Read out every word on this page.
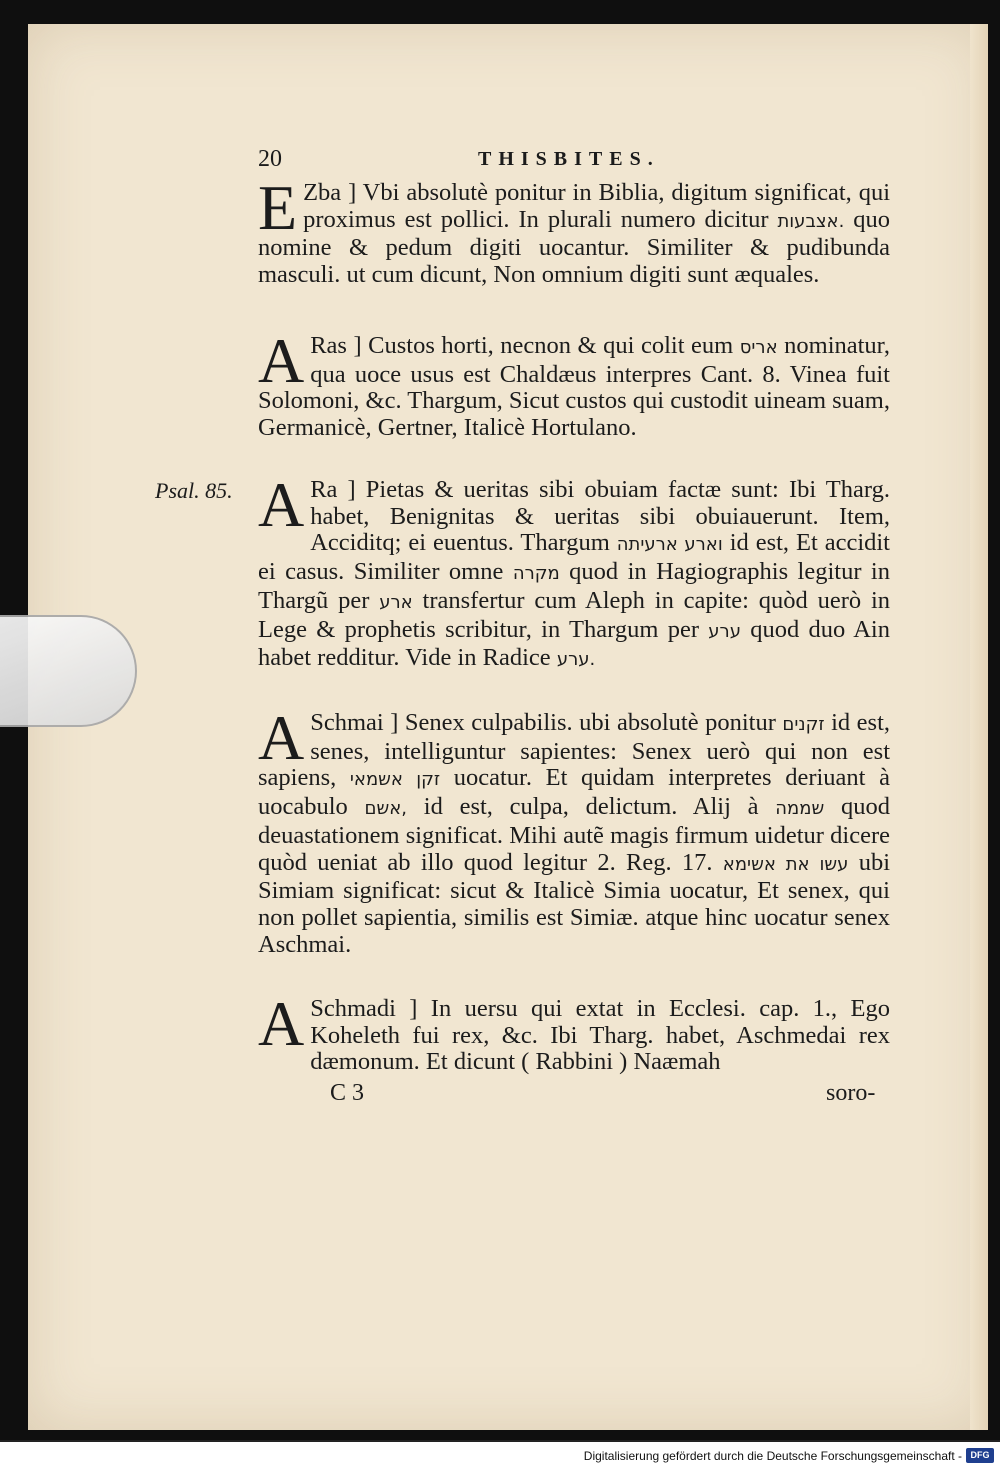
20	THISBITES.

E Zba ] Vbi absolutè ponitur in Biblia, digitum significat, qui proximus est pollici. In plurali numero dicitur אצבעות. quo nomine & pedum digiti uocantur. Similiter & pudibunda masculi. ut cum dicunt, Non omnium digiti sunt æquales.

A Ras ] Custos horti, necnon & qui colit eum אריס nominatur, qua uoce usus est Chaldæus interpres Cant. 8. Vinea fuit Solomoni, &c. Thargum, Sicut custos qui custodit uineam suam, Germanicè, Gertner, Italicè Hortulano.

Psal. 85. A Ra ] Pietas & ueritas sibi obuiam factæ sunt: Ibi Tharg. habet, Benignitas & ueritas sibi obuiauerunt. Item, Acciditq; ei euentus. Thargum וארע ארעיתה id est, Et accidit ei casus. Similiter omne מקרה quod in Hagiographis legitur in Thargũ per ארע transfertur cum Aleph in capite: quòd uerò in Lege & prophetis scribitur, in Thargum per ערע quod duo Ain habet redditur. Vide in Radice ערע.

A Schmai ] Senex culpabilis. ubi absolutè ponitur זקנים id est, senes, intelliguntur sapientes: Senex uerò qui non est sapiens, זקן אשמאי uocatur. Et quidam interpretes deriuant à uocabulo אשם, id est, culpa, delictum. Alij à שממה quod deuastationem significat. Mihi autẽ magis firmum uidetur dicere quòd ueniat ab illo quod legitur 2. Reg. 17. עשו את אשימא ubi Simiam significat: sicut & Italicè Simia uocatur, Et senex, qui non pollet sapientia, similis est Simiæ. atque hinc uocatur senex Aschmai.

A Schmadi ] In uersu qui extat in Ecclesi. cap. 1., Ego Koheleth fui rex, &c. Ibi Tharg. habet, Aschmedai rex dæmonum. Et dicunt ( Rabbini ) Naæmah

C 3	soro-
Digitalisierung gefördert durch die Deutsche Forschungsgemeinschaft - DFG
